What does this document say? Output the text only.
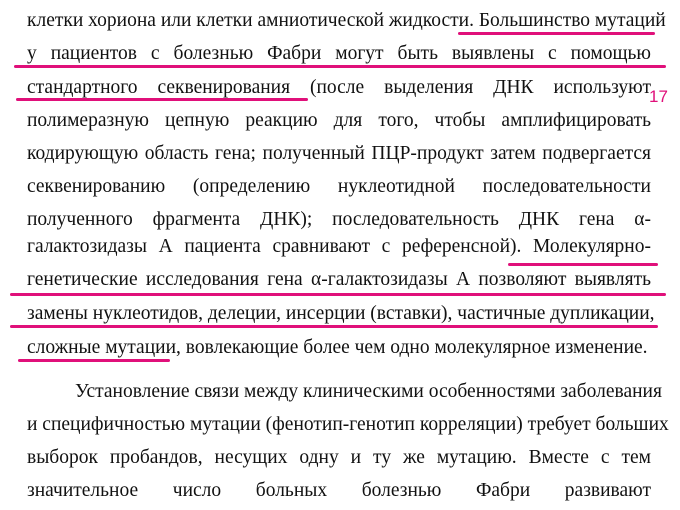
клетки хориона или клетки амниотической жидкости. Большинство мутаций
у пациентов с болезнью Фабри могут быть выявлены с помощью
стандартного секвенирования (после выделения ДНК используют
полимеразную цепную реакцию для того, чтобы амплифицировать
кодирующую область гена; полученный ПЦР-продукт затем подвергается
секвенированию (определению нуклеотидной последовательности
полученного фрагмента ДНК); последовательность ДНК гена α-
галактозидазы А пациента сравнивают с референсной). Молекулярно-
генетические исследования гена α-галактозидазы А позволяют выявлять
замены нуклеотидов, делеции, инсерции (вставки), частичные дупликации,
сложные мутации, вовлекающие более чем одно молекулярное изменение.
Установление связи между клиническими особенностями заболевания
и специфичностью мутации (фенотип-генотип корреляции) требует больших
выборок пробандов, несущих одну и ту же мутацию. Вместе с тем
значительное число больных болезнью Фабри развивают
17
